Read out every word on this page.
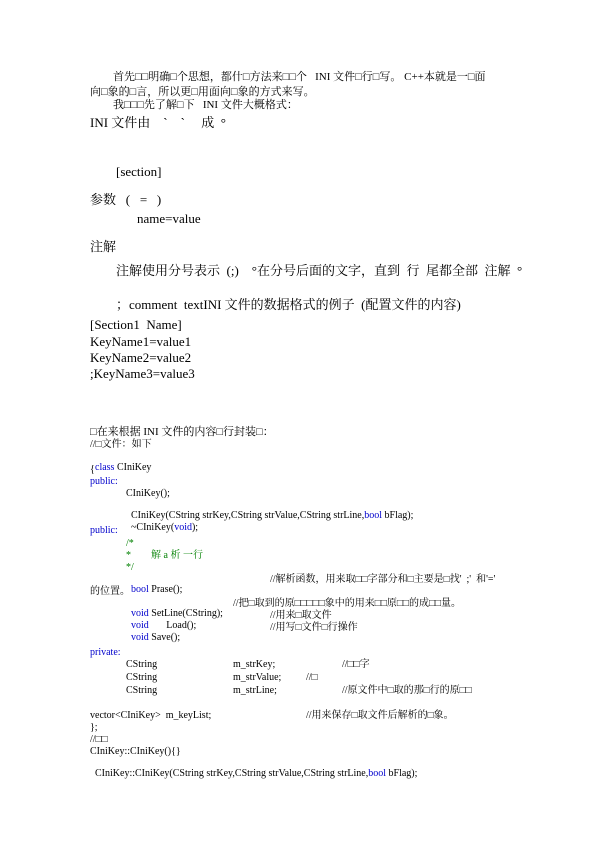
首先□□明确□个思想，都什□方法来□□个   INI 文件□行□写。 C++本就是一□面
向□象的□言，所以更□用面向□象的方式来写。
我□□□先了解□下   INI 文件大概格式：
INI 文件由    `    `     成  °
[section]
参数   (   =   )
name=value
注解
注解使用分号表示  (;)    °在分号后面的文字，直到  行  尾都全部  注解  °
；comment  textINI 文件的数据格式的例子  (配置文件的内容)
[Section1  Name]
KeyName1=value1
KeyName2=value2
;KeyName3=value3
□在来根据 INI 文件的内容□行封装□：
//□文件：如下

class CIniKey

{
public:
CIniKey();

CIniKey(CString strKey,CString strValue,CString strLine,bool bFlag);

~CIniKey(void);

public:
/*
*        解 a 析 一行
*/

bool Prase();

//解析函数，用来取□□字部分和□主要是□找'  ;'  和'='
的位置。

void SetLine(CString);

//把□取到的原□□□□□象中的用来□□原□□的成□□量。

void       Load();

//用来□取文件

void Save();

//用写□文件□行操作
private:
CString	m_strKey;	//□□字
CString	m_strValue; //□
CString	m_strLine;	//原文件中□取的那□行的原□□
vector<CIniKey>  m_keyList;	//用来保存□取文件后解析的□象。
};
//□□
CIniKey::CIniKey(){}

CIniKey::CIniKey(CString strKey,CString strValue,CString strLine,bool bFlag);
